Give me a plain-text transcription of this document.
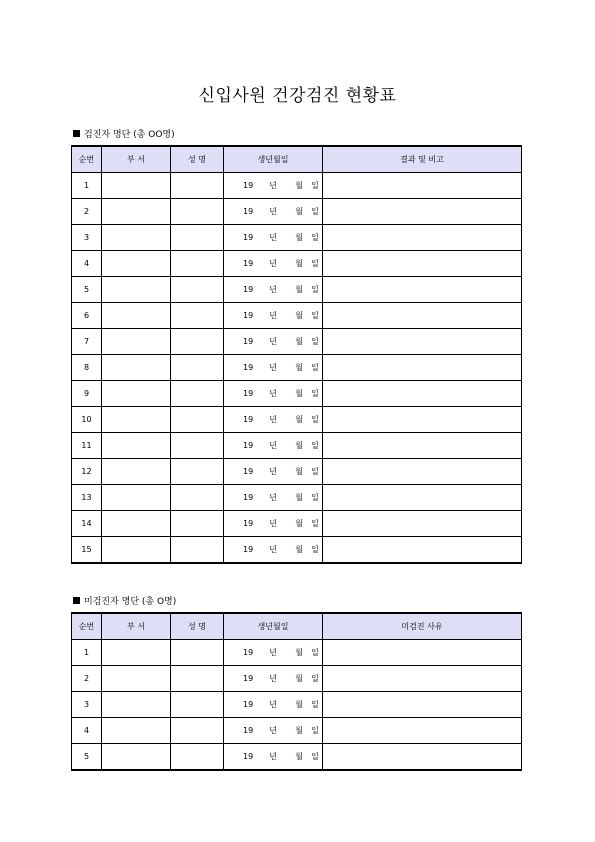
신입사원 건강검진 현황표
검진자 명단 (총 OO명)
순번	부 서	성 명	생년월일	결과 및 비고
1			19 년 월 일	
2			19 년 월 일	
3			19 년 월 일	
4			19 년 월 일	
5			19 년 월 일	
6			19 년 월 일	
7			19 년 월 일	
8			19 년 월 일	
9			19 년 월 일	
10			19 년 월 일	
11			19 년 월 일	
12			19 년 월 일	
13			19 년 월 일	
14			19 년 월 일	
15			19 년 월 일	
미검진자 명단 (총 O명)
순번	부 서	성 명	생년월일	미검진 사유
1			19 년 월 일	
2			19 년 월 일	
3			19 년 월 일	
4			19 년 월 일	
5			19 년 월 일	
